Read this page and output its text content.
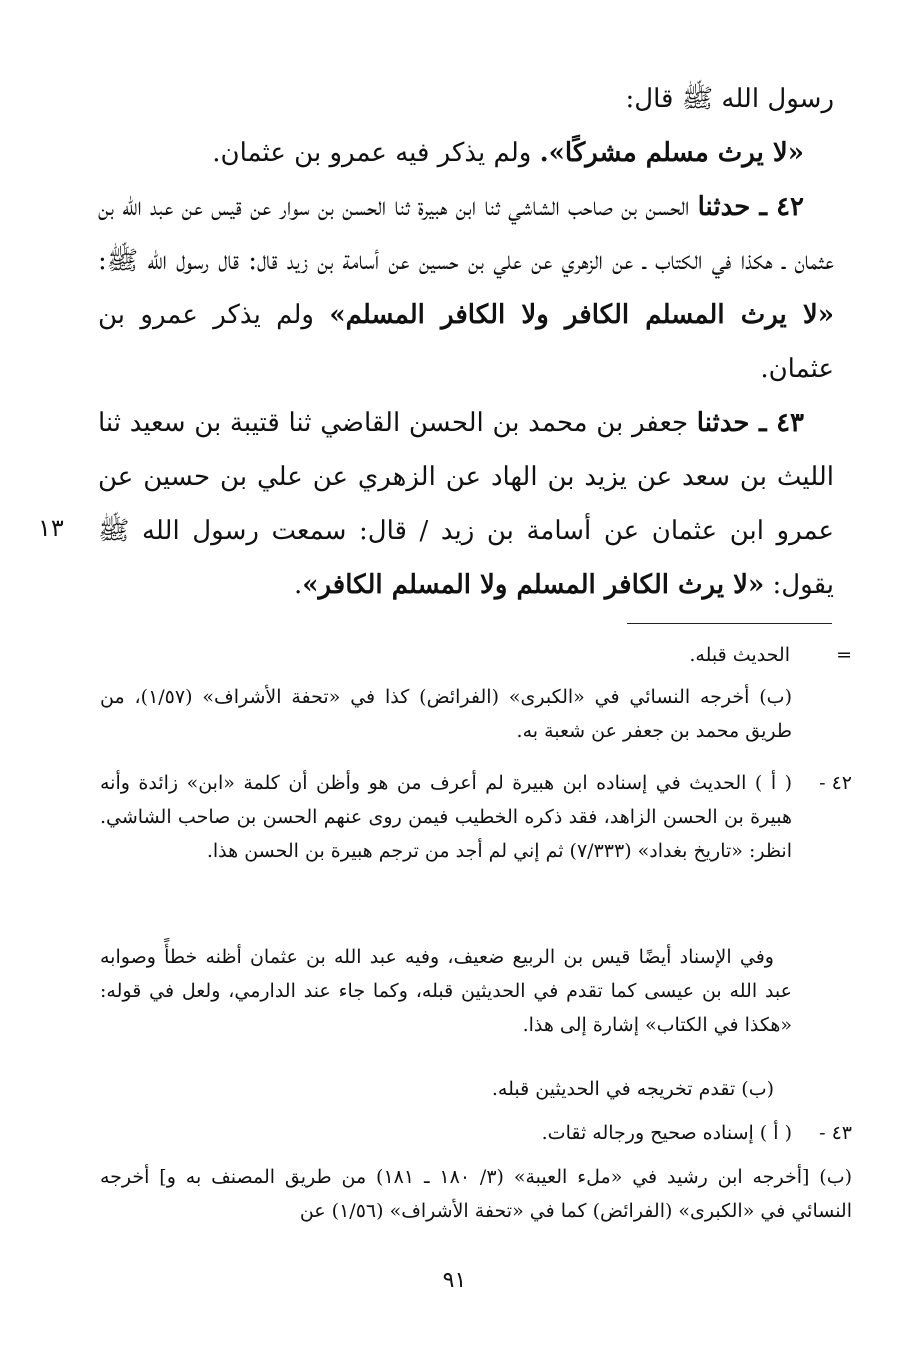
رسول الله ﷺ قال:

«لا يرث مسلم مشركًا». ولم يذكر فيه عمرو بن عثمان.

٤٢ ـ حدثنا الحسن بن صاحب الشاشي ثنا ابن هبيرة ثنا الحسن بن سوار عن قيس عن عبد الله بن عثمان ـ هكذا في الكتاب ـ عن الزهري عن علي بن حسين عن أسامة بن زيد قال: قال رسول الله ﷺ: «لا يرث المسلم الكافر ولا الكافر المسلم» ولم يذكر عمرو بن عثمان.

٤٣ ـ حدثنا جعفر بن محمد بن الحسن القاضي ثنا قتيبة بن سعيد ثنا الليث بن سعد عن يزيد بن الهاد عن الزهري عن علي بن حسين عن عمرو ابن عثمان عن أسامة بن زيد / قال: سمعت رسول الله ﷺ يقول: «لا يرث الكافر المسلم ولا المسلم الكافر».

١٣
=
الحديث قبله.
(ب) أخرجه النسائي في «الكبرى» (الفرائض) كذا في «تحفة الأشراف» (١/٥٧)، من طريق محمد بن جعفر عن شعبة به.
٤٢ -
( أ ) الحديث في إسناده ابن هبيرة لم أعرف من هو وأظن أن كلمة «ابن» زائدة وأنه هبيرة بن الحسن الزاهد، فقد ذكره الخطيب فيمن روى عنهم الحسن بن صاحب الشاشي. انظر: «تاريخ بغداد» (٧/٣٣٣) ثم إني لم أجد من ترجم هبيرة بن الحسن هذا.
وفي الإسناد أيضًا قيس بن الربيع ضعيف، وفيه عبد الله بن عثمان أظنه خطأً وصوابه عبد الله بن عيسى كما تقدم في الحديثين قبله، وكما جاء عند الدارمي، ولعل في قوله: «هكذا في الكتاب» إشارة إلى هذا.
(ب) تقدم تخريجه في الحديثين قبله.
٤٣ -
( أ ) إسناده صحيح ورجاله ثقات.
(ب) [أخرجه ابن رشيد في «ملء العيبة» (٣/ ١٨٠ ـ ١٨١) من طريق المصنف به و] أخرجه النسائي في «الكبرى» (الفرائض) كما في «تحفة الأشراف» (١/٥٦) عن
٩١
